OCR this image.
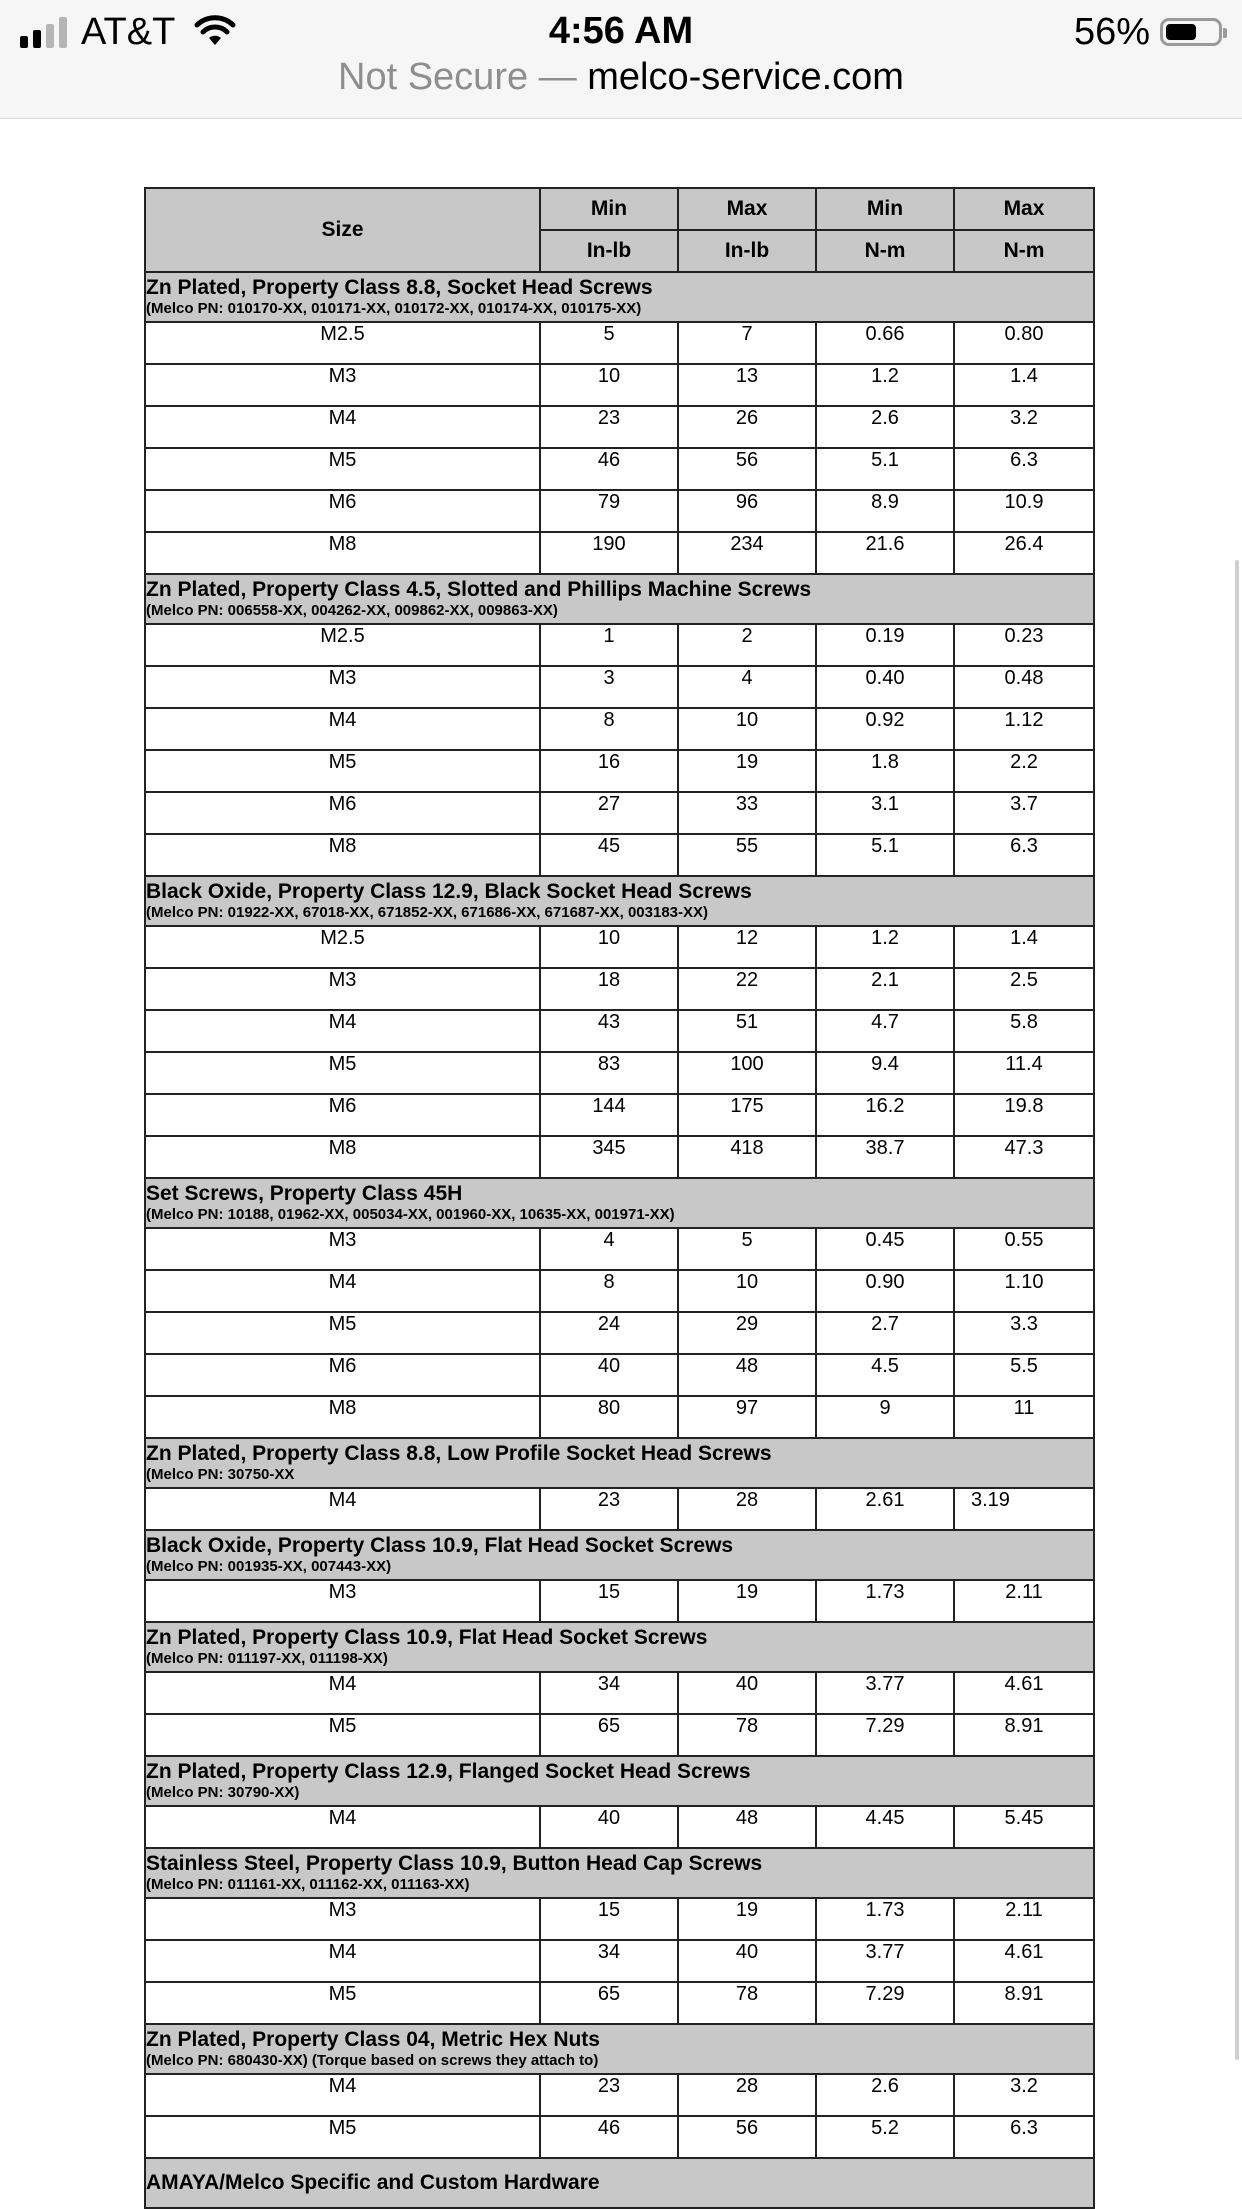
AT&T	4:56 AM	56%
Not Secure — melco-service.com
Size	Min	Max	Min	Max
	In-lb	In-lb	N-m	N-m

Zn Plated, Property Class 8.8, Socket Head Screws
(Melco PN: 010170-XX, 010171-XX, 010172-XX, 010174-XX, 010175-XX)				

M2.5	5	7	0.66	0.80
M3	10	13	1.2	1.4
M4	23	26	2.6	3.2
M5	46	56	5.1	6.3
M6	79	96	8.9	10.9
M8	190	234	21.6	26.4

Zn Plated, Property Class 4.5, Slotted and Phillips Machine Screws
(Melco PN: 006558-XX, 004262-XX, 009862-XX, 009863-XX)				

M2.5	1	2	0.19	0.23
M3	3	4	0.40	0.48
M4	8	10	0.92	1.12
M5	16	19	1.8	2.2
M6	27	33	3.1	3.7
M8	45	55	5.1	6.3

Black Oxide, Property Class 12.9, Black Socket Head Screws
(Melco PN: 01922-XX, 67018-XX, 671852-XX, 671686-XX, 671687-XX, 003183-XX)				

M2.5	10	12	1.2	1.4
M3	18	22	2.1	2.5
M4	43	51	4.7	5.8
M5	83	100	9.4	11.4
M6	144	175	16.2	19.8
M8	345	418	38.7	47.3

Set Screws, Property Class 45H
(Melco PN: 10188, 01962-XX, 005034-XX, 001960-XX, 10635-XX, 001971-XX)				

M3	4	5	0.45	0.55
M4	8	10	0.90	1.10
M5	24	29	2.7	3.3
M6	40	48	4.5	5.5
M8	80	97	9	11

Zn Plated, Property Class 8.8, Low Profile Socket Head Screws
(Melco PN: 30750-XX				

M4	23	28	2.61	3.19

Black Oxide, Property Class 10.9, Flat Head Socket Screws
(Melco PN: 001935-XX, 007443-XX)				

M3	15	19	1.73	2.11

Zn Plated, Property Class 10.9, Flat Head Socket Screws
(Melco PN: 011197-XX, 011198-XX)				

M4	34	40	3.77	4.61
M5	65	78	7.29	8.91

Zn Plated, Property Class 12.9, Flanged Socket Head Screws
(Melco PN: 30790-XX)				

M4	40	48	4.45	5.45

Stainless Steel, Property Class 10.9, Button Head Cap Screws
(Melco PN: 011161-XX, 011162-XX, 011163-XX)				

M3	15	19	1.73	2.11
M4	34	40	3.77	4.61
M5	65	78	7.29	8.91

Zn Plated, Property Class 04, Metric Hex Nuts
(Melco PN: 680430-XX) (Torque based on screws they attach to)				

M4	23	28	2.6	3.2
M5	46	56	5.2	6.3

AMAYA/Melco Specific and Custom Hardware				
